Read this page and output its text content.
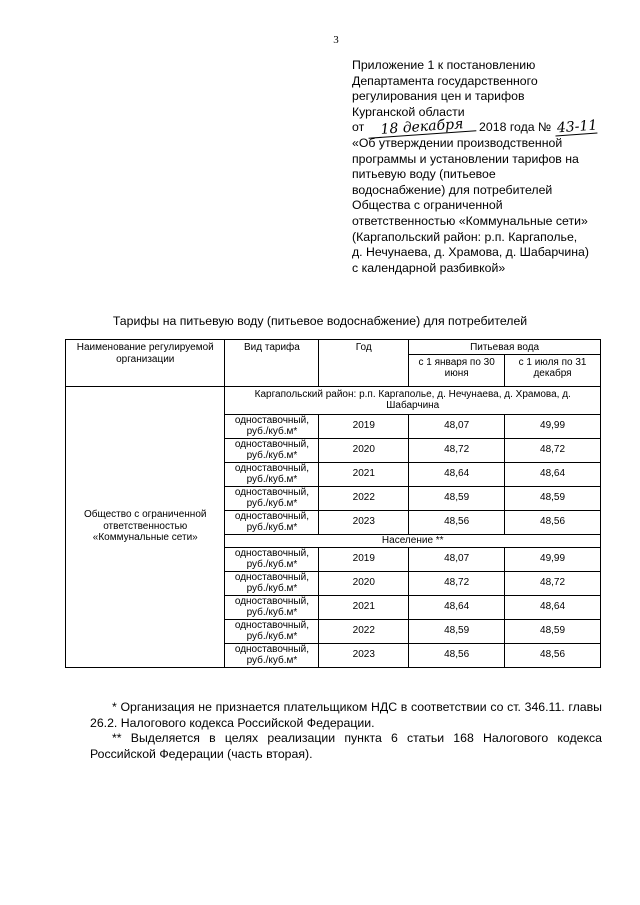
3
Приложение 1 к постановлению
Департамента государственного
регулирования цен и тарифов
Курганской области
от 18 декабря 2018 года № 43-11
«Об утверждении производственной
программы и установлении тарифов на
питьевую воду (питьевое
водоснабжение) для потребителей
Общества с ограниченной
ответственностью «Коммунальные сети»
(Каргапольский район: р.п. Каргаполье,
д. Нечунаева, д. Храмова, д. Шабарчина)
с календарной разбивкой»
Тарифы на питьевую воду (питьевое водоснабжение) для потребителей
Наименование регулируемой организации	Вид тарифа	Год	Питьевая вода	
			с 1 января по 30 июня	с 1 июля по 31 декабря
Общество с ограниченной ответственностью «Коммунальные сети»	Каргапольский район: р.п. Каргаполье, д. Нечунаева, д. Храмова, д. Шабарчина			
	одноставочный, руб./куб.м*	2019	48,07	49,99
	одноставочный, руб./куб.м*	2020	48,72	48,72
	одноставочный, руб./куб.м*	2021	48,64	48,64
	одноставочный, руб./куб.м*	2022	48,59	48,59
	одноставочный, руб./куб.м*	2023	48,56	48,56
	Население **			
	одноставочный, руб./куб.м*	2019	48,07	49,99
	одноставочный, руб./куб.м*	2020	48,72	48,72
	одноставочный, руб./куб.м*	2021	48,64	48,64
	одноставочный, руб./куб.м*	2022	48,59	48,59
	одноставочный, руб./куб.м*	2023	48,56	48,56

* Организация не признается плательщиком НДС в соответствии со ст. 346.11. главы 26.2. Налогового кодекса Российской Федерации.

** Выделяется в целях реализации пункта 6 статьи 168 Налогового кодекса Российской Федерации (часть вторая).
